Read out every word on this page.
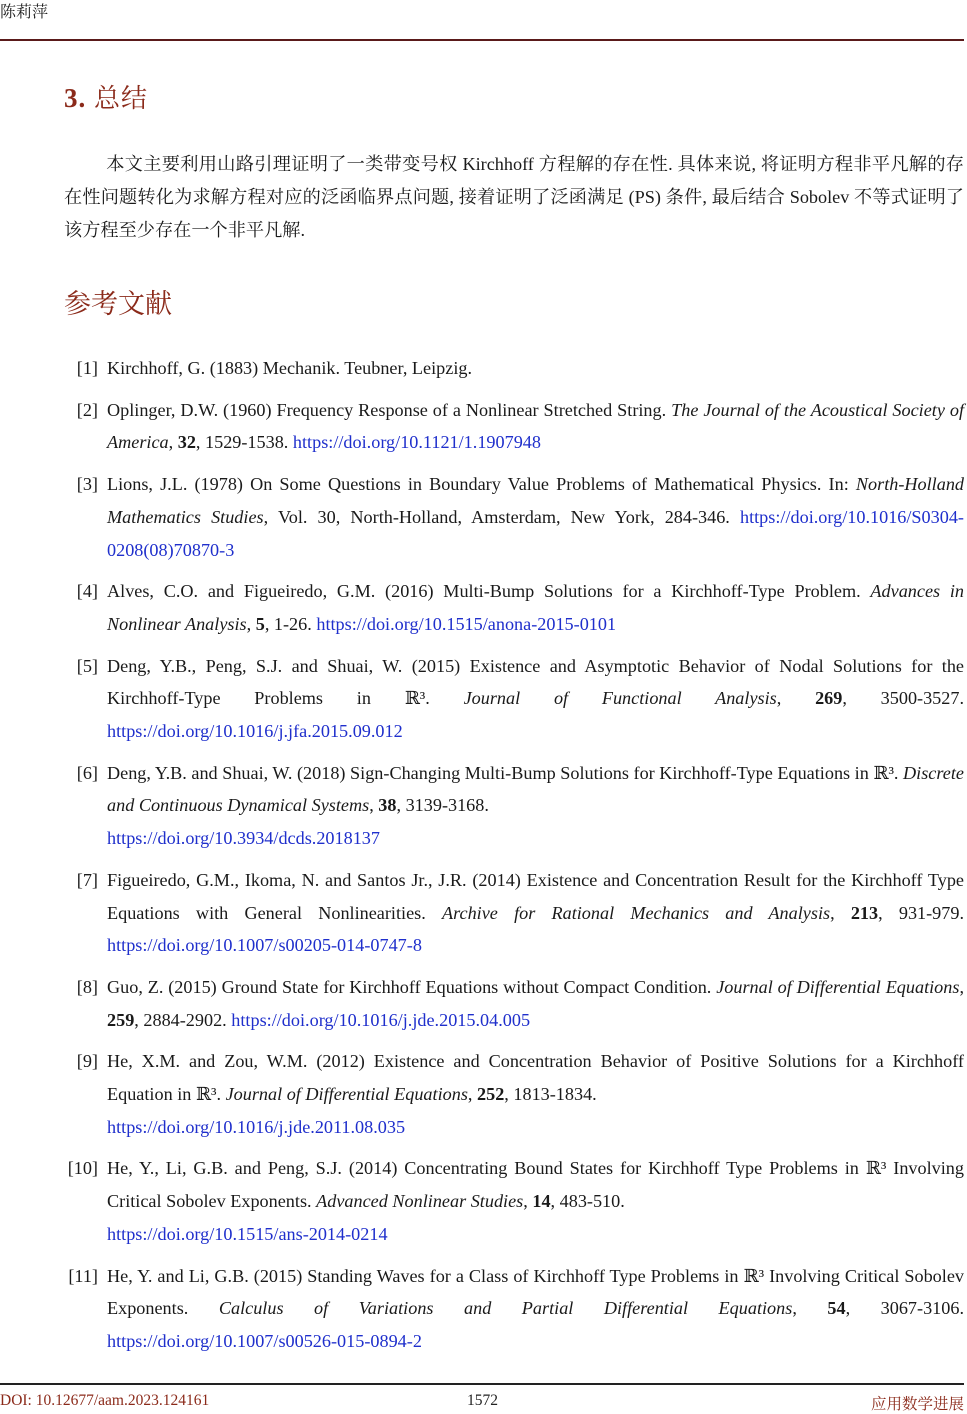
陈莉萍
3. 总结
本文主要利用山路引理证明了一类带变号权 Kirchhoff 方程解的存在性. 具体来说, 将证明方程非平凡解的存在性问题转化为求解方程对应的泛函临界点问题, 接着证明了泛函满足 (PS) 条件, 最后结合 Sobolev 不等式证明了该方程至少存在一个非平凡解.
参考文献
[1] Kirchhoff, G. (1883) Mechanik. Teubner, Leipzig.
[2] Oplinger, D.W. (1960) Frequency Response of a Nonlinear Stretched String. The Journal of the Acoustical Society of America, 32, 1529-1538. https://doi.org/10.1121/1.1907948
[3] Lions, J.L. (1978) On Some Questions in Boundary Value Problems of Mathematical Physics. In: North-Holland Mathematics Studies, Vol. 30, North-Holland, Amsterdam, New York, 284-346. https://doi.org/10.1016/S0304-0208(08)70870-3
[4] Alves, C.O. and Figueiredo, G.M. (2016) Multi-Bump Solutions for a Kirchhoff-Type Problem. Advances in Nonlinear Analysis, 5, 1-26. https://doi.org/10.1515/anona-2015-0101
[5] Deng, Y.B., Peng, S.J. and Shuai, W. (2015) Existence and Asymptotic Behavior of Nodal Solutions for the Kirchhoff-Type Problems in ℝ³. Journal of Functional Analysis, 269, 3500-3527. https://doi.org/10.1016/j.jfa.2015.09.012
[6] Deng, Y.B. and Shuai, W. (2018) Sign-Changing Multi-Bump Solutions for Kirchhoff-Type Equations in ℝ³. Discrete and Continuous Dynamical Systems, 38, 3139-3168.
https://doi.org/10.3934/dcds.2018137
[7] Figueiredo, G.M., Ikoma, N. and Santos Jr., J.R. (2014) Existence and Concentration Result for the Kirchhoff Type Equations with General Nonlinearities. Archive for Rational Mechanics and Analysis, 213, 931-979. https://doi.org/10.1007/s00205-014-0747-8
[8] Guo, Z. (2015) Ground State for Kirchhoff Equations without Compact Condition. Journal of Differential Equations, 259, 2884-2902. https://doi.org/10.1016/j.jde.2015.04.005
[9] He, X.M. and Zou, W.M. (2012) Existence and Concentration Behavior of Positive Solutions for a Kirchhoff Equation in ℝ³. Journal of Differential Equations, 252, 1813-1834.
https://doi.org/10.1016/j.jde.2011.08.035
[10] He, Y., Li, G.B. and Peng, S.J. (2014) Concentrating Bound States for Kirchhoff Type Problems in ℝ³ Involving Critical Sobolev Exponents. Advanced Nonlinear Studies, 14, 483-510.
https://doi.org/10.1515/ans-2014-0214
[11] He, Y. and Li, G.B. (2015) Standing Waves for a Class of Kirchhoff Type Problems in ℝ³ Involving Critical Sobolev Exponents. Calculus of Variations and Partial Differential Equations, 54, 3067-3106. https://doi.org/10.1007/s00526-015-0894-2
DOI: 10.12677/aam.2023.124161	1572	应用数学进展
